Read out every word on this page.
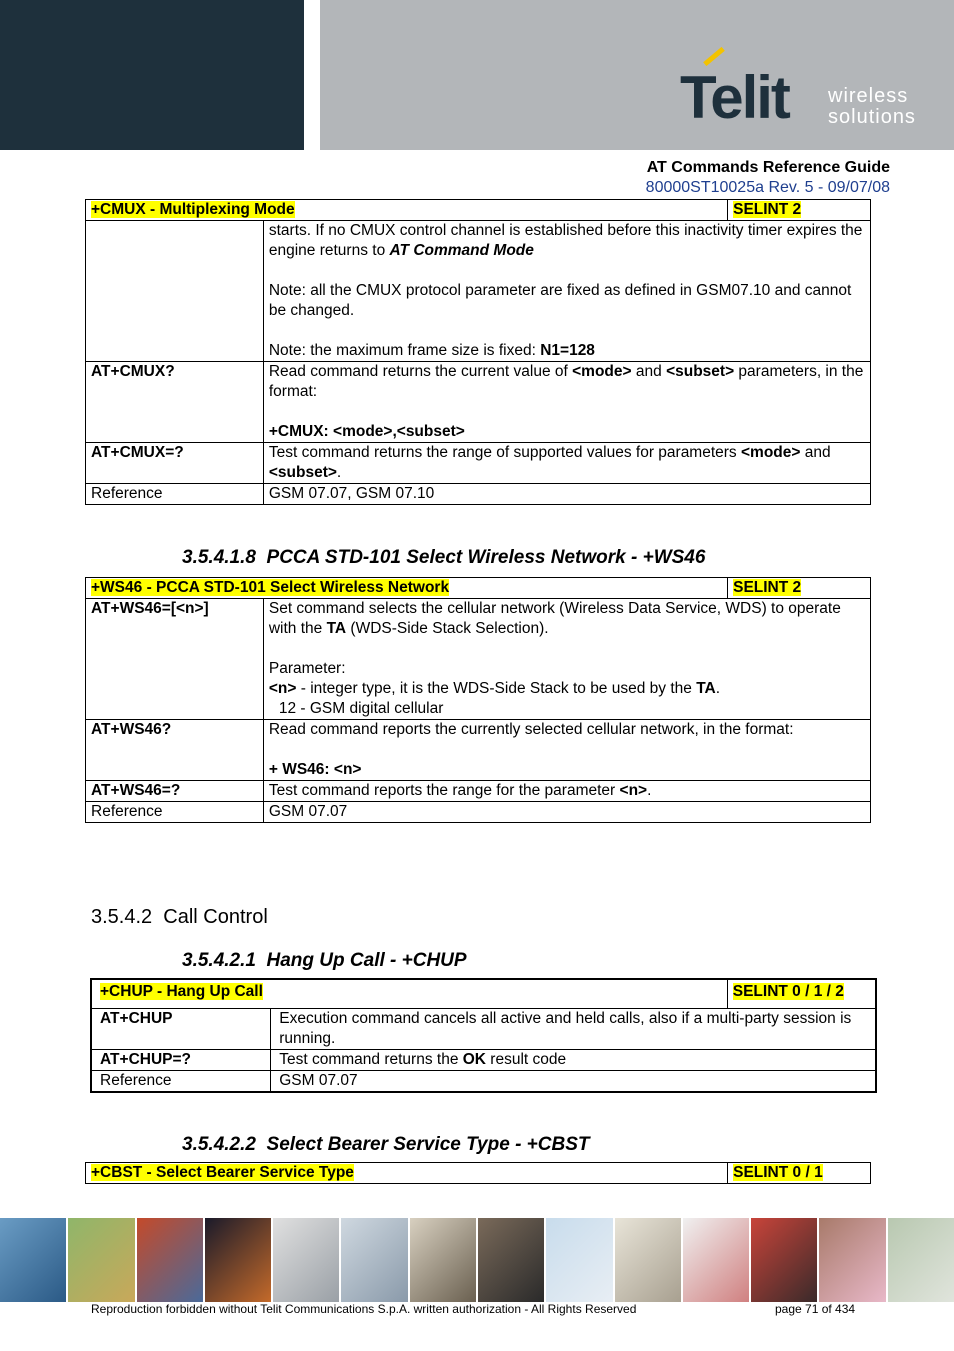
Telit wireless
solutions
AT Commands Reference Guide
80000ST10025a Rev. 5 - 09/07/08
+CMUX - Multiplexing Mode		SELINT 2

	starts. If no CMUX control channel is established before this inactivity timer expires the engine returns to AT Command Mode
Note: all the CMUX protocol parameter are fixed as defined in GSM07.10 and cannot be changed.
Note: the maximum frame size is fixed: N1=128	

AT+CMUX?	Read command returns the current value of <mode> and <subset> parameters, in the format:
+CMUX: <mode>,<subset>	

AT+CMUX=?	Test command returns the range of supported values for parameters <mode> and <subset>.	
Reference	GSM 07.07, GSM 07.10	
3.5.4.1.8 PCCA STD-101 Select Wireless Network - +WS46
+WS46 - PCCA STD-101 Select Wireless Network		SELINT 2
AT+WS46=[<n>]	Set command selects the cellular network (Wireless Data Service, WDS) to operate with the TA (WDS-Side Stack Selection).
Parameter:
<n> - integer type, it is the WDS-Side Stack to be used by the TA.
12 - GSM digital cellular	

AT+WS46?	Read command reports the currently selected cellular network, in the format:
+ WS46: <n>	

AT+WS46=?	Test command reports the range for the parameter <n>.	
Reference	GSM 07.07	
3.5.4.2 Call Control
3.5.4.2.1 Hang Up Call - +CHUP
+CHUP - Hang Up Call		SELINT 0 / 1 / 2
AT+CHUP	Execution command cancels all active and held calls, also if a multi-party session is running.	
AT+CHUP=?	Test command returns the OK result code	
Reference	GSM 07.07	
3.5.4.2.2 Select Bearer Service Type - +CBST
+CBST - Select Bearer Service Type	SELINT 0 / 1
Reproduction forbidden without Telit Communications S.p.A. written authorization - All Rights Reserved	page 71 of 434
